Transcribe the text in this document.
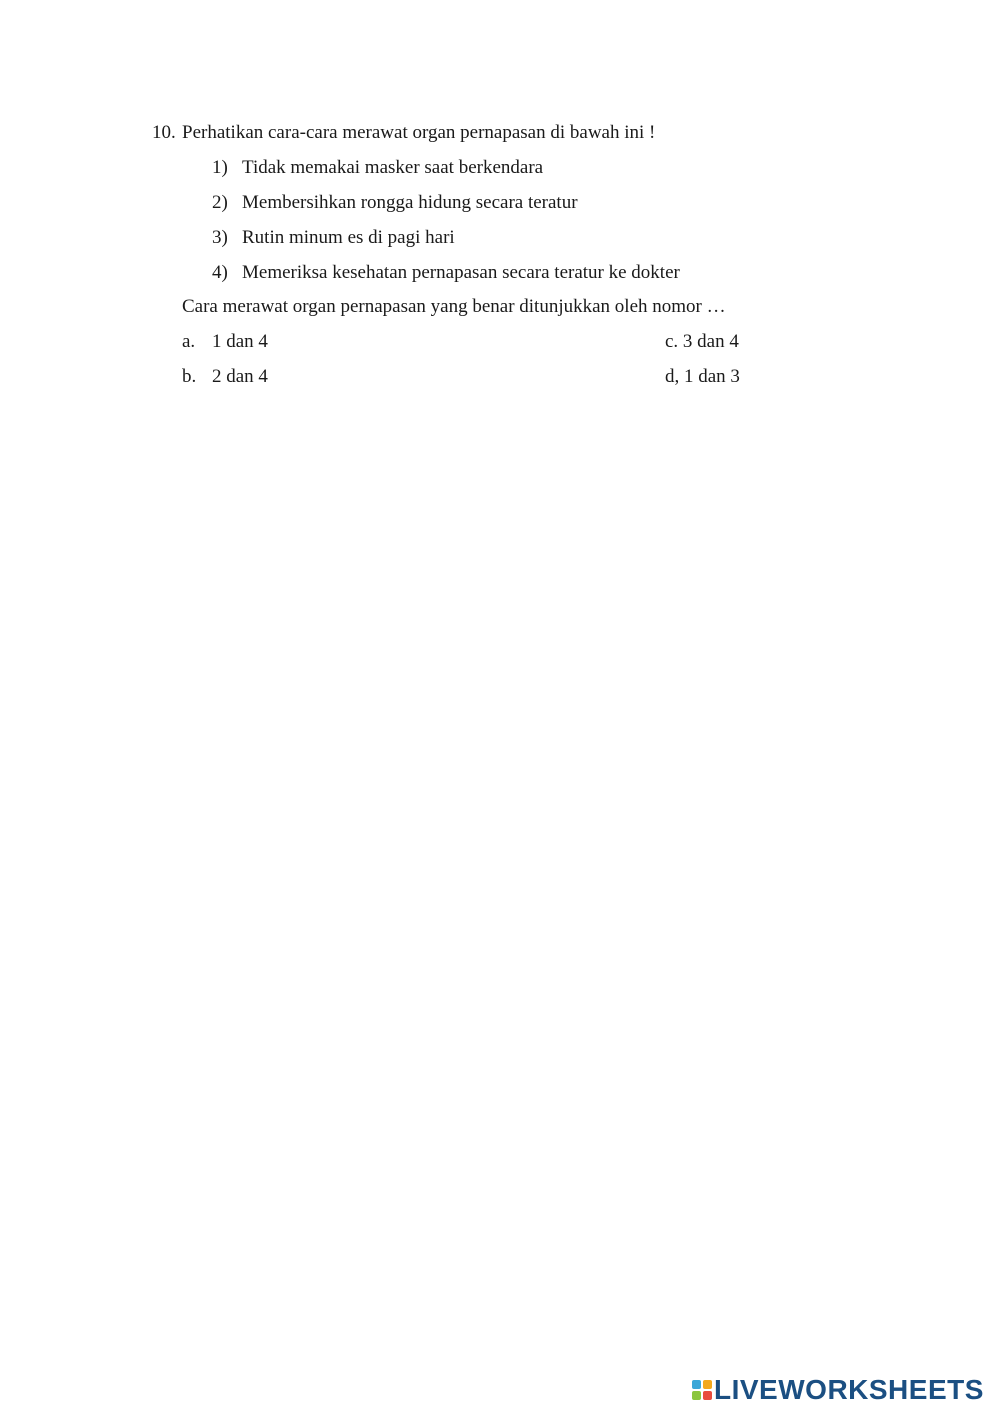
10. Perhatikan cara-cara merawat organ pernapasan di bawah ini !
1) Tidak memakai masker saat berkendara
2) Membersihkan rongga hidung secara teratur
3) Rutin minum es di pagi hari
4) Memeriksa kesehatan pernapasan secara teratur ke dokter
Cara merawat organ pernapasan yang benar ditunjukkan oleh nomor …
a. 1 dan 4	c. 3 dan 4
b. 2 dan 4	d, 1 dan 3
LIVEWORKSHEETS
